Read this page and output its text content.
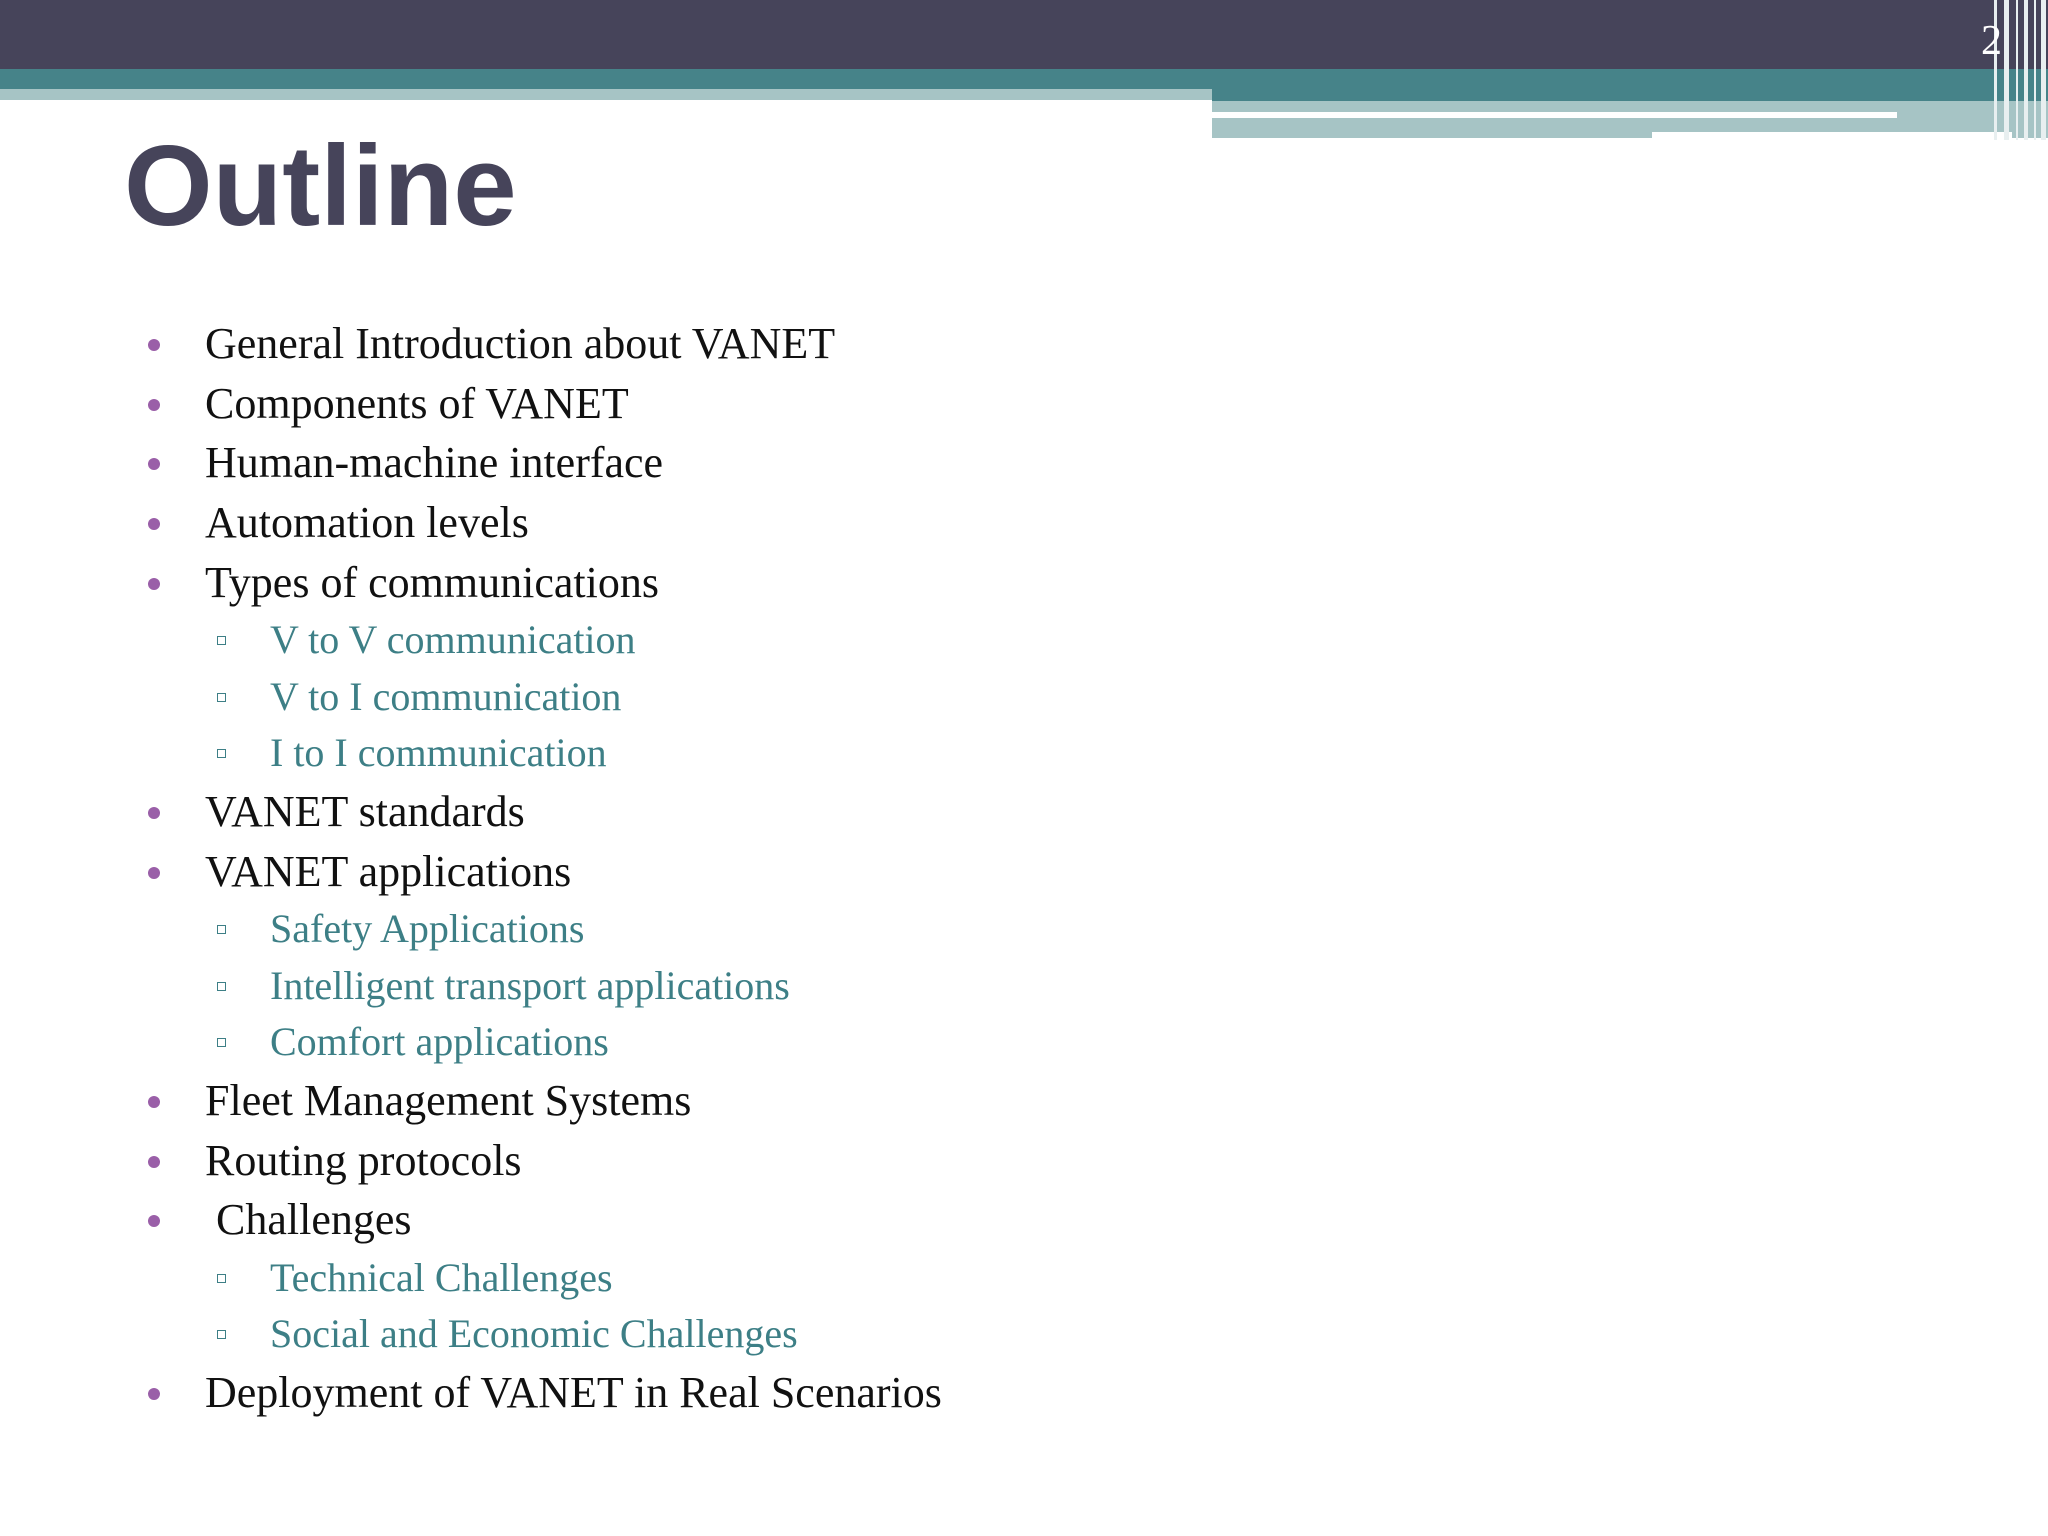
2
Outline
General Introduction about VANET
Components of VANET
Human-machine interface
Automation levels
Types of communications
V to V communication
V to I communication
I to I communication
VANET standards
VANET applications
Safety Applications
Intelligent transport applications
Comfort applications
Fleet Management Systems
Routing protocols
Challenges
Technical Challenges
Social and Economic Challenges
Deployment of VANET in Real Scenarios
